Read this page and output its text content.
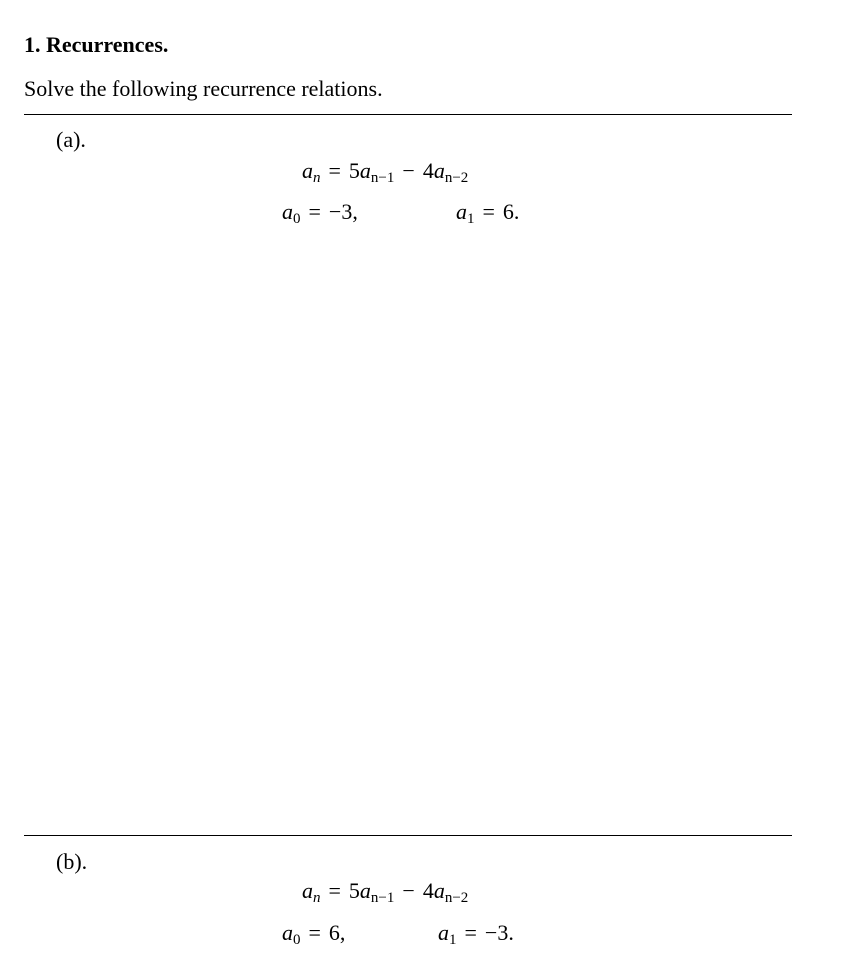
1. Recurrences.
Solve the following recurrence relations.
(a).
$a_n = 5a_{n-1} - 4a_{n-2}$
$a_0 = -3$,	$a_1 = 6$.
(b).
$a_n = 5a_{n-1} - 4a_{n-2}$
$a_0 = 6$,	$a_1 = -3$.
